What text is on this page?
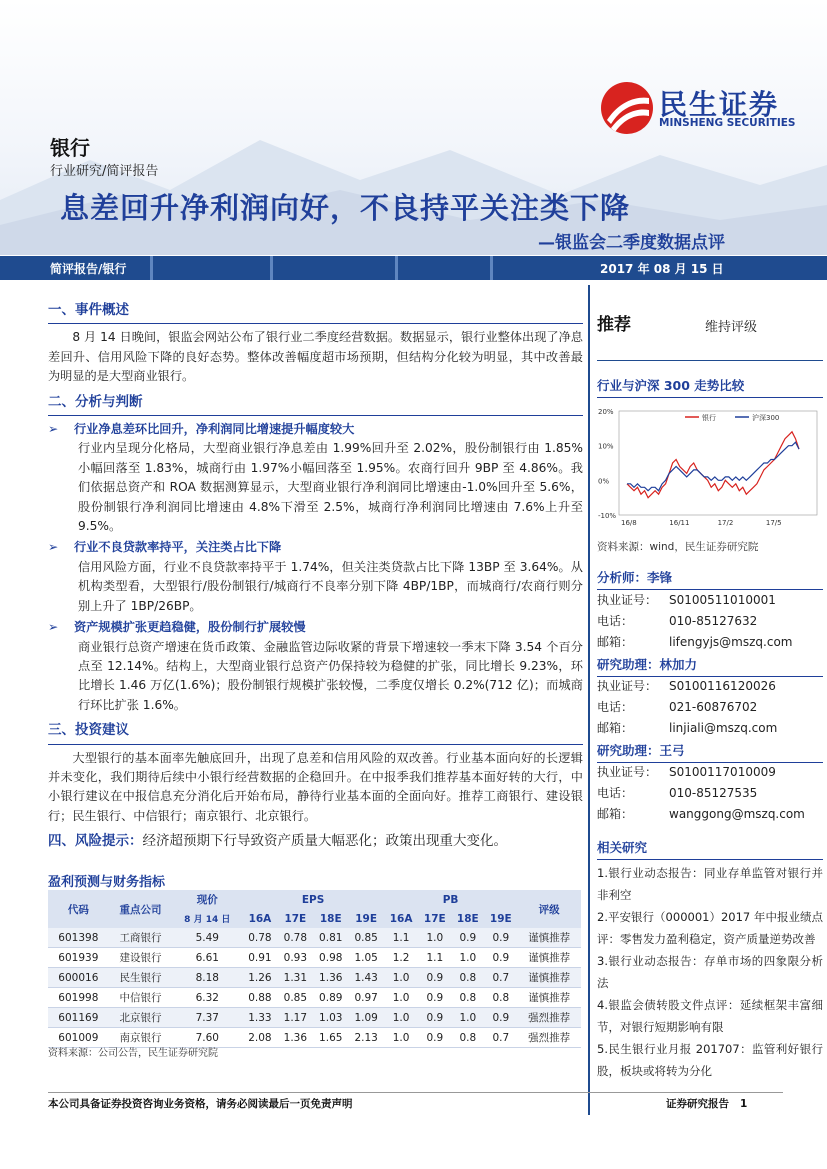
民生证券
MINSHENG SECURITIES
银行
行业研究/简评报告
息差回升净利润向好，不良持平关注类下降
—银监会二季度数据点评
简评报告/银行	2017 年 08 月 15 日
一、事件概述

8 月 14 日晚间，银监会网站公布了银行业二季度经营数据。数据显示，银行业整体出现了净息差回升、信用风险下降的良好态势。整体改善幅度超市场预期，但结构分化较为明显，其中改善最为明显的是大型商业银行。

二、分析与判断
➢ 行业净息差环比回升，净利润同比增速提升幅度较大

行业内呈现分化格局，大型商业银行净息差由 1.99%回升至 2.02%，股份制银行由 1.85%小幅回落至 1.83%，城商行由 1.97%小幅回落至 1.95%。农商行回升 9BP 至 4.86%。我们依据总资产和 ROA 数据测算显示，大型商业银行净利润同比增速由-1.0%回升至 5.6%，股份制银行净利润同比增速由 4.8%下滑至 2.5%，城商行净利润同比增速由 7.6%上升至 9.5%。

➢ 行业不良贷款率持平，关注类占比下降

信用风险方面，行业不良贷款率持平于 1.74%，但关注类贷款占比下降 13BP 至 3.64%。从机构类型看，大型银行/股份制银行/城商行不良率分别下降 4BP/1BP，而城商行/农商行则分别上升了 1BP/26BP。

➢ 资产规模扩张更趋稳健，股份制行扩展较慢

商业银行总资产增速在货币政策、金融监管边际收紧的背景下增速较一季末下降 3.54 个百分点至 12.14%。结构上，大型商业银行总资产仍保持较为稳健的扩张，同比增长 9.23%，环比增长 1.46 万亿(1.6%)；股份制银行规模扩张较慢，二季度仅增长 0.2%(712 亿)；而城商行环比扩张 1.6%。

三、投资建议

大型银行的基本面率先触底回升，出现了息差和信用风险的双改善。行业基本面向好的长逻辑并未变化，我们期待后续中小银行经营数据的企稳回升。在中报季我们推荐基本面好转的大行，中小银行建议在中报信息充分消化后开始布局，静待行业基本面的全面向好。推荐工商银行、建设银行；民生银行、中信银行；南京银行、北京银行。

四、风险提示：经济超预期下行导致资产质量大幅恶化；政策出现重大变化。
盈利预测与财务指标
代码	重点公司	现价	EPS				PB				评级
		8 月 14 日	16A	17E	18E	19E	16A	17E	18E	19E	
601398	工商银行	5.49	0.78	0.78	0.81	0.85	1.1	1.0	0.9	0.9	谨慎推荐
601939	建设银行	6.61	0.91	0.93	0.98	1.05	1.2	1.1	1.0	0.9	谨慎推荐
600016	民生银行	8.18	1.26	1.31	1.36	1.43	1.0	0.9	0.8	0.7	谨慎推荐
601998	中信银行	6.32	0.88	0.85	0.89	0.97	1.0	0.9	0.8	0.8	谨慎推荐
601169	北京银行	7.37	1.33	1.17	1.03	1.09	1.0	0.9	1.0	0.9	强烈推荐
601009	南京银行	7.60	2.08	1.36	1.65	2.13	1.0	0.9	0.8	0.7	强烈推荐
资料来源：公司公告，民生证券研究院
推荐	维持评级
行业与沪深 300 走势比较
20%
10%
0%
-10%
16/8	16/11	17/2	17/5
银行	沪深300
资料来源：wind，民生证券研究院
分析师：李锋
执业证号： S0100511010001
电话：	010-85127632
邮箱：	lifengyjs@mszq.com
研究助理：林加力
执业证号： S0100116120026
电话：	021-60876702
邮箱：	linjiali@mszq.com
研究助理：王弓
执业证号： S0100117010009
电话：	010-85127535
邮箱：	wanggong@mszq.com
相关研究
1.银行业动态报告：同业存单监管对银行并非利空
2.平安银行（000001）2017 年中报业绩点评：零售发力盈利稳定，资产质量逆势改善
3.银行业动态报告：存单市场的四象限分析法
4.银监会债转股文件点评：延续框架丰富细节，对银行短期影响有限
5.民生银行业月报 201707：监管利好银行股，板块或将转为分化
本公司具备证券投资咨询业务资格，请务必阅读最后一页免责声明	证券研究报告 1
